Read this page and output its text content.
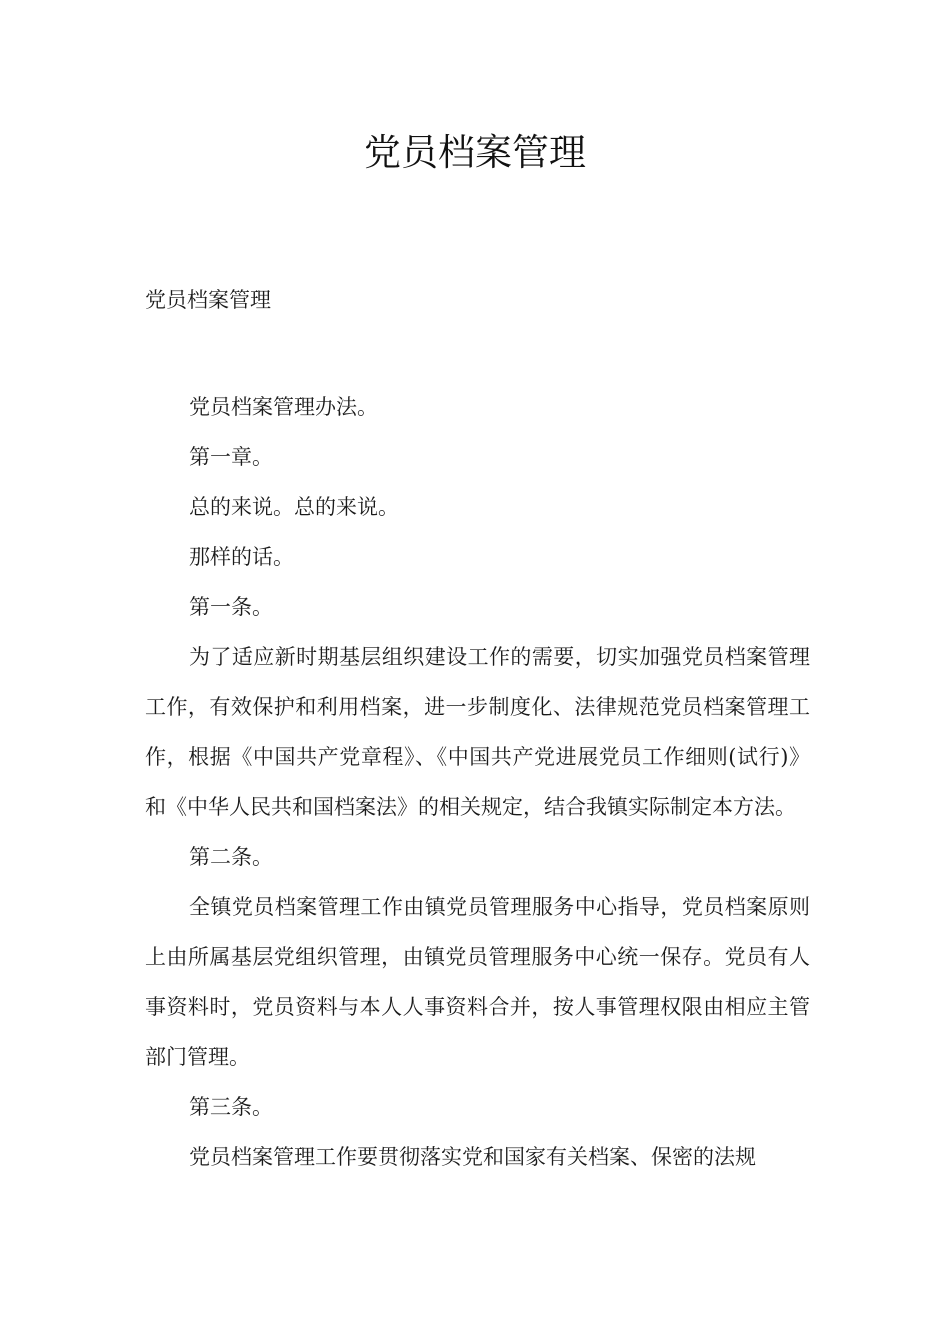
党员档案管理

党员档案管理

党员档案管理办法。

第一章。

总的来说。总的来说。

那样的话。

第一条。

为了适应新时期基层组织建设工作的需要，切实加强党员档案管理工作，有效保护和利用档案，进一步制度化、法律规范党员档案管理工作，根据《中国共产党章程》、《中国共产党进展党员工作细则(试行)》和《中华人民共和国档案法》的相关规定，结合我镇实际制定本方法。

第二条。

全镇党员档案管理工作由镇党员管理服务中心指导，党员档案原则上由所属基层党组织管理，由镇党员管理服务中心统一保存。党员有人事资料时，党员资料与本人人事资料合并，按人事管理权限由相应主管部门管理。

第三条。

党员档案管理工作要贯彻落实党和国家有关档案、保密的法规
